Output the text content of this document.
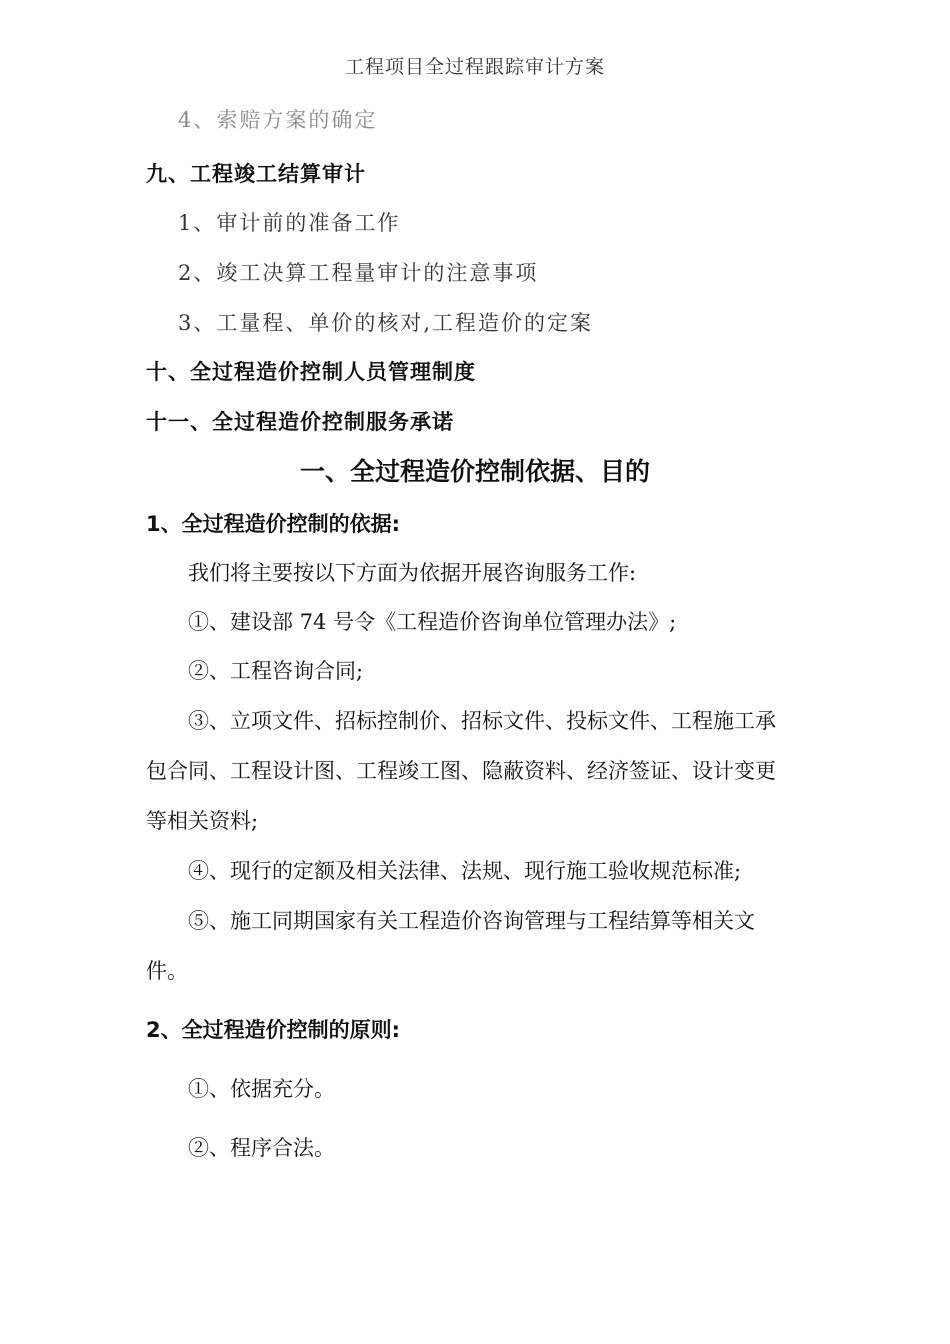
工程项目全过程跟踪审计方案

4、索赔方案的确定

九、工程竣工结算审计

1、审计前的准备工作

2、竣工决算工程量审计的注意事项

3、工量程、单价的核对,工程造价的定案

十、全过程造价控制人员管理制度

十一、全过程造价控制服务承诺

一、全过程造价控制依据、目的

1、全过程造价控制的依据:

我们将主要按以下方面为依据开展咨询服务工作:

①、建设部 74 号令《工程造价咨询单位管理办法》;

②、工程咨询合同;

③、立项文件、招标控制价、招标文件、投标文件、工程施工承

包合同、工程设计图、工程竣工图、隐蔽资料、经济签证、设计变更

等相关资料;

④、现行的定额及相关法律、法规、现行施工验收规范标准;

⑤、施工同期国家有关工程造价咨询管理与工程结算等相关文

件。

2、全过程造价控制的原则:

①、依据充分。

②、程序合法。
